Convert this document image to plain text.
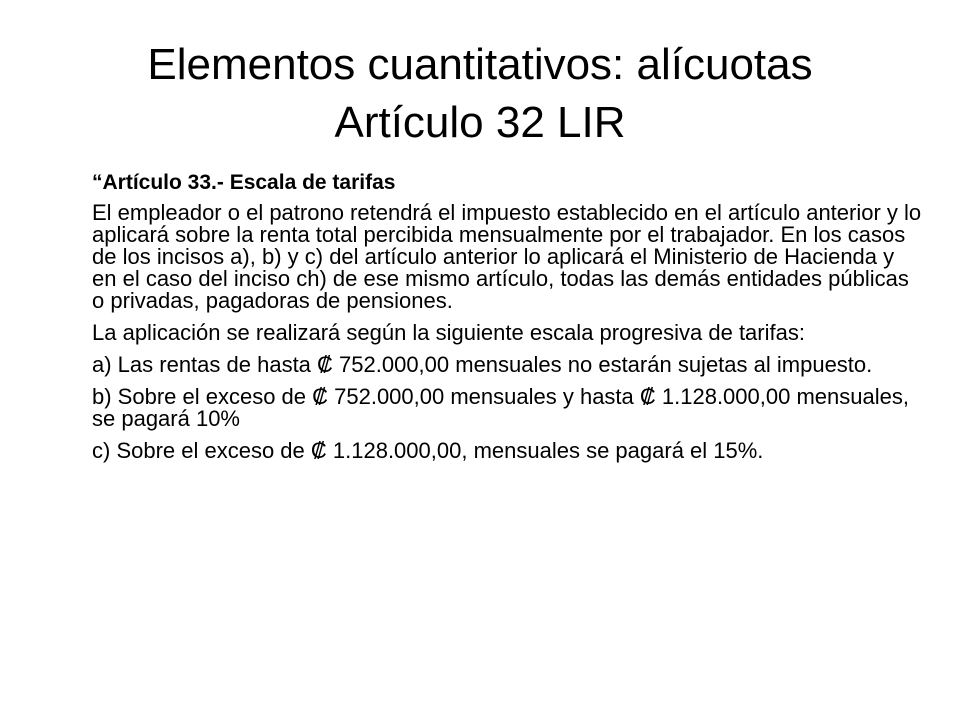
Elementos cuantitativos: alícuotas
Artículo 32 LIR

“Artículo 33.- Escala de tarifas

El empleador o el patrono retendrá el impuesto establecido en el artículo anterior y lo aplicará sobre la renta total percibida mensualmente por el trabajador. En los casos de los incisos a), b) y c) del artículo anterior lo aplicará el Ministerio de Hacienda y en el caso del inciso ch) de ese mismo artículo, todas las demás entidades públicas o privadas, pagadoras de pensiones.

La aplicación se realizará según la siguiente escala progresiva de tarifas:

a) Las rentas de hasta ₡ 752.000,00 mensuales no estarán sujetas al impuesto.

b) Sobre el exceso de ₡ 752.000,00 mensuales y hasta ₡ 1.128.000,00 mensuales, se pagará 10%

c) Sobre el exceso de ₡ 1.128.000,00, mensuales se pagará el 15%.
